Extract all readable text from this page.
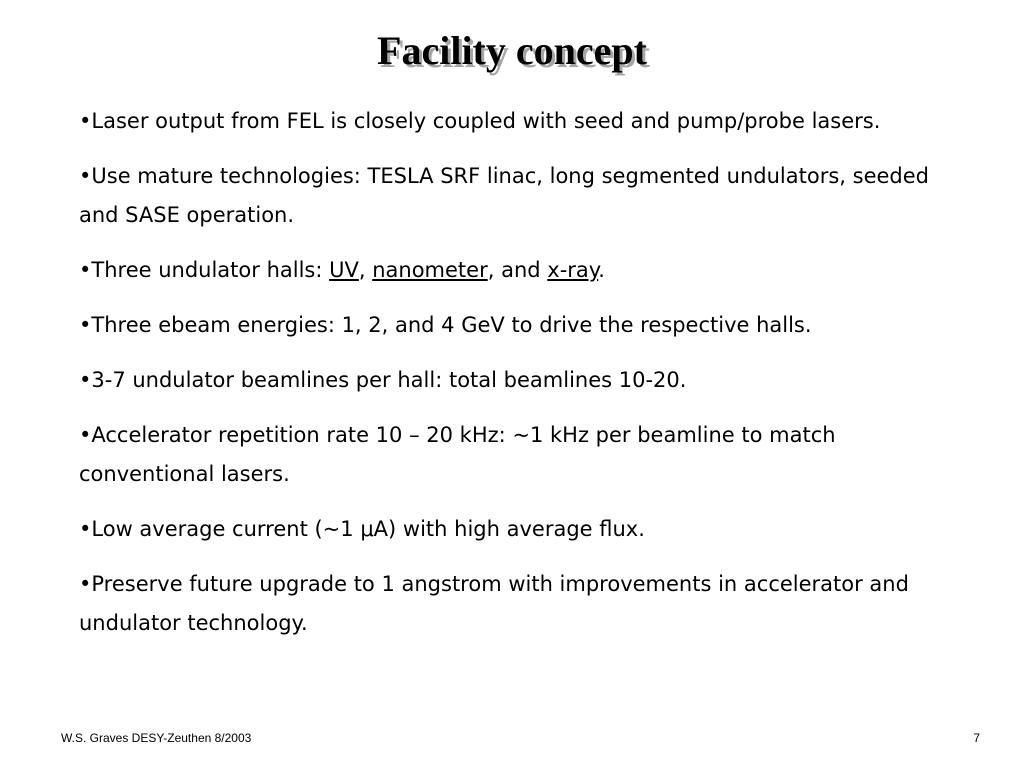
Facility concept
•Laser output from FEL is closely coupled with seed and pump/probe lasers.
•Use mature technologies: TESLA SRF linac, long segmented undulators, seeded and SASE operation.
•Three undulator halls: UV, nanometer, and x-ray.
•Three ebeam energies: 1, 2, and 4 GeV to drive the respective halls.
•3-7 undulator beamlines per hall: total beamlines 10-20.
•Accelerator repetition rate 10 – 20 kHz: ~1 kHz per beamline to match conventional lasers.
•Low average current (~1 μA) with high average flux.
•Preserve future upgrade to 1 angstrom with improvements in accelerator and undulator technology.
W.S. Graves DESY-Zeuthen 8/2003	7
